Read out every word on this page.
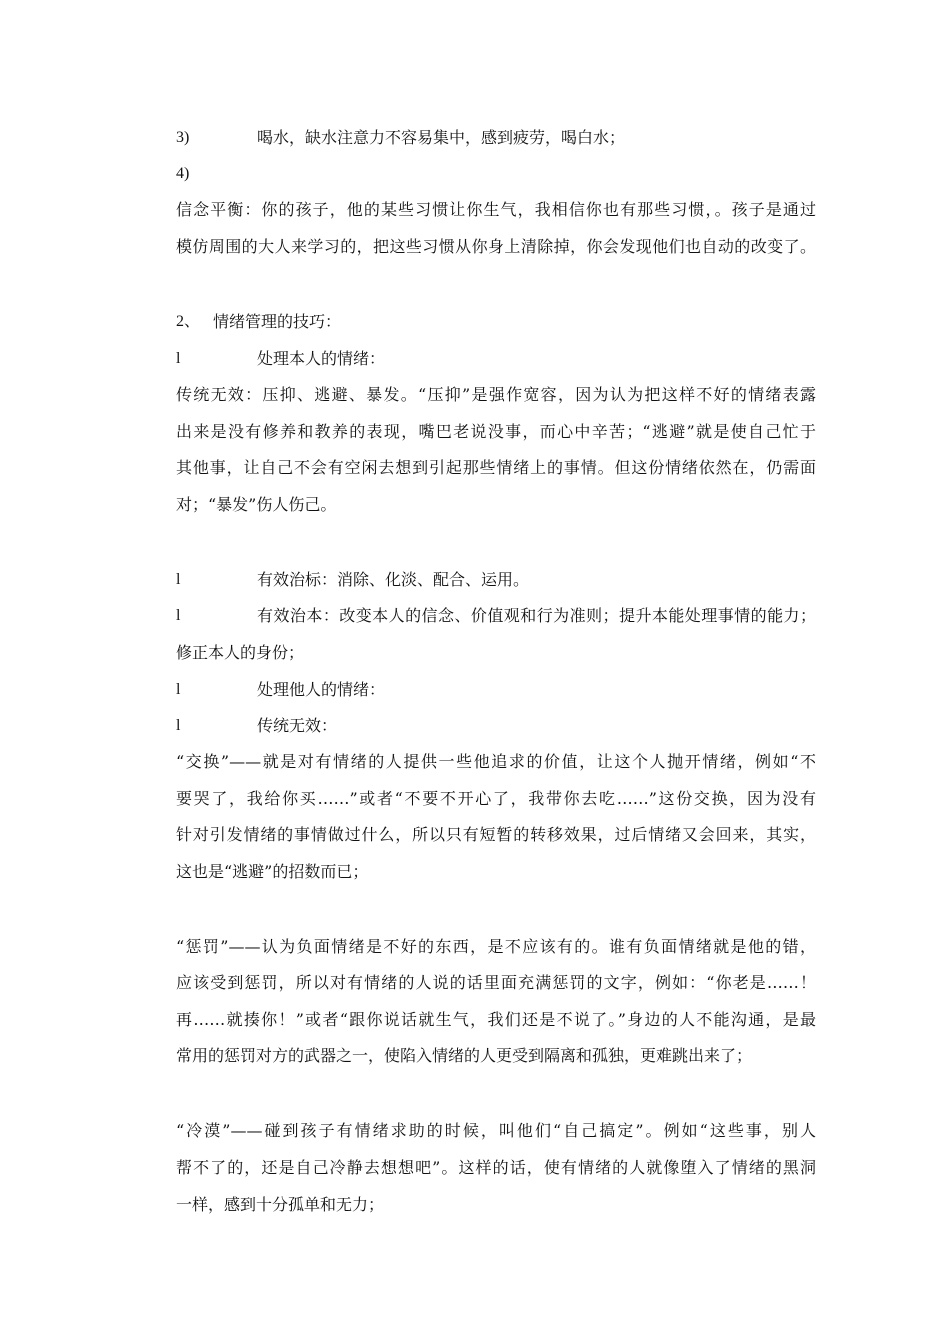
3)	喝水，缺水注意力不容易集中，感到疲劳，喝白水；
4)
信念平衡：你的孩子，他的某些习惯让你生气，我相信你也有那些习惯，。孩子是通过
模仿周围的大人来学习的，把这些习惯从你身上清除掉，你会发现他们也自动的改变了。
2、 情绪管理的技巧：
l	处理本人的情绪：
传统无效：压抑、逃避、暴发。“压抑”是强作宽容，因为认为把这样不好的情绪表露
出来是没有修养和教养的表现，嘴巴老说没事，而心中辛苦；“逃避”就是使自己忙于
其他事，让自己不会有空闲去想到引起那些情绪上的事情。但这份情绪依然在，仍需面
对；“暴发”伤人伤己。
l	有效治标：消除、化淡、配合、运用。
l	有效治本：改变本人的信念、价值观和行为准则；提升本能处理事情的能力；
修正本人的身份；
l	处理他人的情绪：
l	传统无效：
“交换”——就是对有情绪的人提供一些他追求的价值，让这个人抛开情绪，例如“不
要哭了，我给你买……”或者“不要不开心了，我带你去吃……”这份交换，因为没有
针对引发情绪的事情做过什么，所以只有短暂的转移效果，过后情绪又会回来，其实，
这也是“逃避”的招数而已；
“惩罚”——认为负面情绪是不好的东西，是不应该有的。谁有负面情绪就是他的错，
应该受到惩罚，所以对有情绪的人说的话里面充满惩罚的文字，例如：“你老是……！
再……就揍你！”或者“跟你说话就生气，我们还是不说了。”身边的人不能沟通，是最
常用的惩罚对方的武器之一，使陷入情绪的人更受到隔离和孤独，更难跳出来了；
“冷漠”——碰到孩子有情绪求助的时候，叫他们“自己搞定”。例如“这些事，别人
帮不了的，还是自己冷静去想想吧”。这样的话，使有情绪的人就像堕入了情绪的黑洞
一样，感到十分孤单和无力；
